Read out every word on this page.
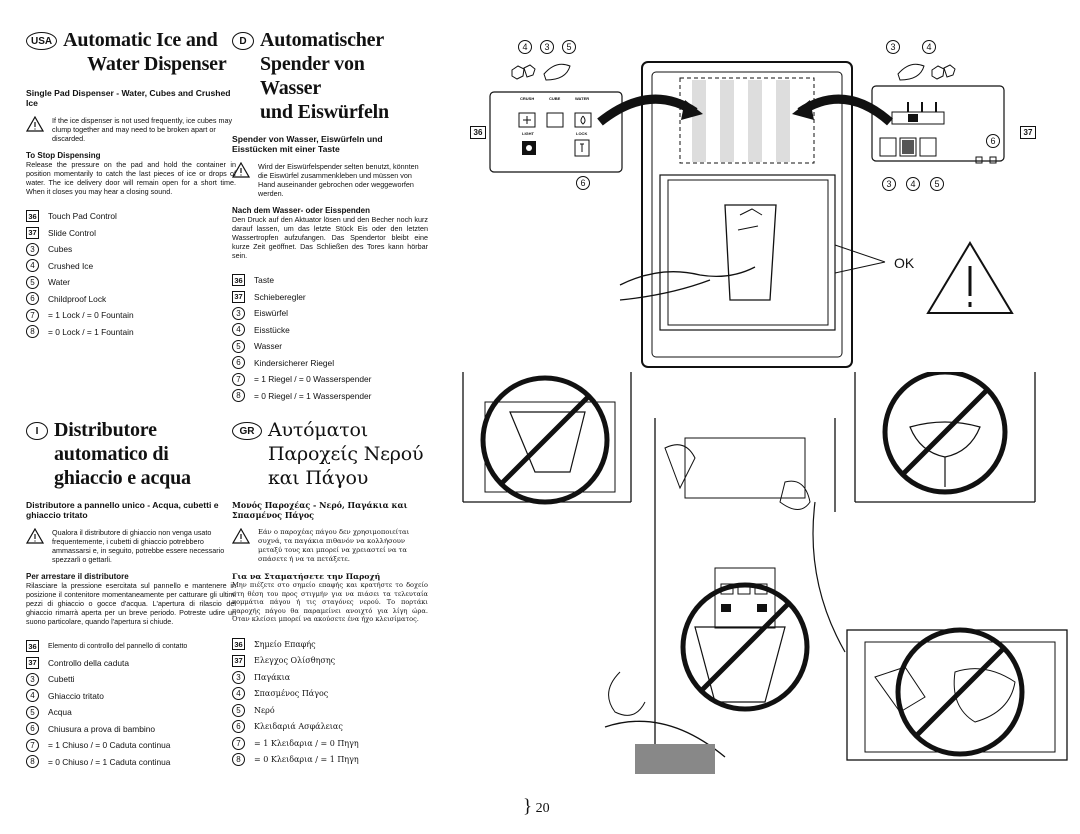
USA Automatic Ice and
Water Dispenser
Single Pad Dispenser - Water, Cubes and Crushed Ice
If the ice dispenser is not used frequently, ice cubes may clump together and may need to be broken apart or discarded.
To Stop Dispensing
Release the pressure on the pad and hold the container in position momentarily to catch the last pieces of ice or drops of water. The ice delivery door will remain open for a short time. When it closes you may hear a closing sound.
36 Touch Pad Control
37 Slide Control
3	Cubes
4	Crushed Ice
5	Water
6	Childproof Lock
7	= 1 Lock / = 0 Fountain
8	= 0 Lock / = 1 Fountain
D Automatischer
Spender von Wasser
und Eiswürfeln
Spender von Wasser, Eiswürfeln und Eisstücken mit einer Taste
Wird der Eiswürfelspender selten benutzt, könnten die Eiswürfel zusammenkleben und müssen von Hand auseinander gebrochen oder weggeworfen werden.
Nach dem Wasser- oder Eisspenden
Den Druck auf den Aktuator lösen und den Becher noch kurz darauf lassen, um das letzte Stück Eis oder den letzten Wassertropfen aufzufangen. Das Spendertor bleibt eine kurze Zeit geöffnet. Das Schließen des Tores kann hörbar sein.
36 Taste
37 Schieberegler
3	Eiswürfel
4	Eisstücke
5	Wasser
6	Kindersicherer Riegel
7	= 1 Riegel / = 0 Wasserspender
8	= 0 Riegel / = 1 Wasserspender
I Distributore
automatico di
ghiaccio e acqua
Distributore a pannello unico - Acqua, cubetti e ghiaccio tritato
Qualora il distributore di ghiaccio non venga usato frequentemente, i cubetti di ghiaccio potrebbero ammassarsi e, in seguito, potrebbe essere necessario spezzarli o gettarli.
Per arrestare il distributore
Rilasciare la pressione esercitata sul pannello e mantenere in posizione il contenitore momentaneamente per catturare gli ultimi pezzi di ghiaccio o gocce d'acqua. L'apertura di rilascio del ghiaccio rimarrà aperta per un breve periodo. Potreste udire un suono particolare, quando l'apertura si chiude.
36	Elemento di controllo del pannello di contatto
37 Controllo della caduta
3	Cubetti
4	Ghiaccio tritato
5	Acqua
6	Chiusura a prova di bambino
7	= 1 Chiuso / = 0 Caduta continua
8	= 0 Chiuso / = 1 Caduta continua
GR Αυτόματοι
Παροχείς Νερού
και Πάγου
Μονός Παροχέας - Νερό, Παγάκια και Σπασμένος Πάγος
Εάν ο παροχέας πάγου δεν χρησιμοποιείται συχνά, τα παγάκια πιθανόν να κολλήσουν μεταξύ τους και μπορεί να χρειαστεί να τα σπάσετε ή να τα πετάξετε.
Για να Σταματήσετε την Παροχή
Μην πιέζετε στο σημείο επαφής και κρατήστε το δοχείο στη θέση του προς στιγμήν για να πιάσει τα τελευταία κομμάτια πάγου ή τις σταγόνες νερού. Το πορτάκι παροχής πάγου θα παραμείνει ανοιχτό για λίγη ώρα. Όταν κλείσει μπορεί να ακούσετε ένα ήχο κλεισίματος.
36 Σημείο Επαφής
37 Ελεγχος Ολίσθησης
3	Παγάκια
4	Σπασμένος Πάγος
5	Νερό
6	Κλειδαριά Ασφάλειας
7	= 1 Κλειδαρια / = 0 Πηγη
8	= 0 Κλειδαρια / = 1 Πηγη
4	3	5	3	4
36	37
6
6
3	4	5
CRUSH	CUBE	WATER
LIGHT	LOCK
OK
} 20
